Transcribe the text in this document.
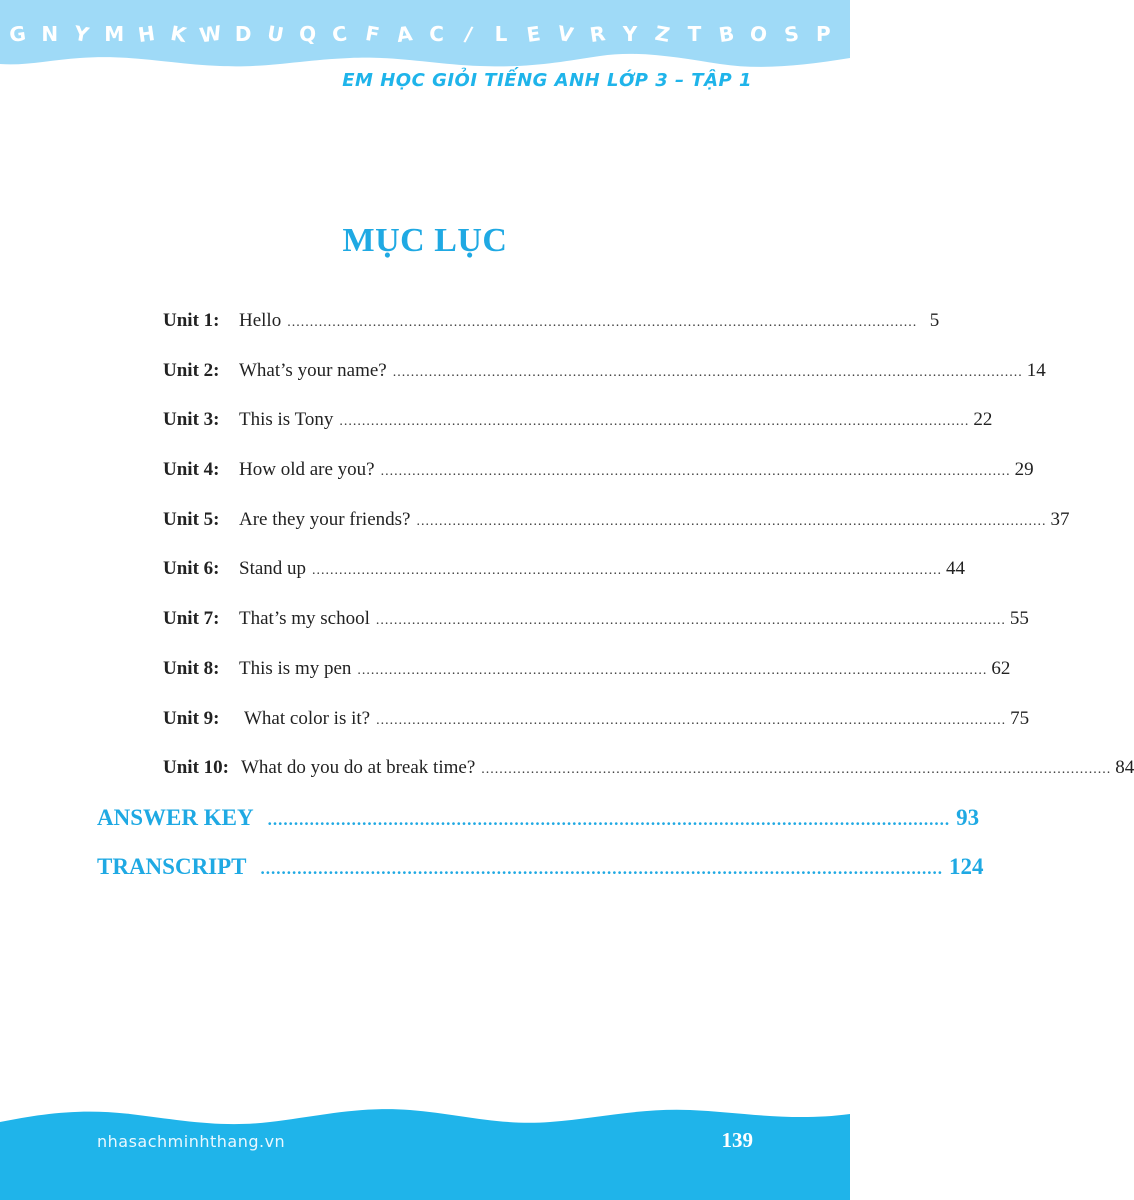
G N Y M H K W D U Q C F A C / L E V R Y Z T B O S P
EM HỌC GIỎI TIẾNG ANH LỚP 3 – TẬP 1
MỤC LỤC
Unit 1:	Hello ............................................................................................................................................ 5
Unit 2:	What’s your name? ............................................................................................................................................ 14
Unit 3:	This is Tony ............................................................................................................................................ 22
Unit 4:	How old are you? ............................................................................................................................................ 29
Unit 5:	Are they your friends? ............................................................................................................................................ 37
Unit 6:	Stand up ............................................................................................................................................ 44
Unit 7:	That’s my school ............................................................................................................................................ 55
Unit 8:	This is my pen ............................................................................................................................................ 62
Unit 9:	What color is it? ............................................................................................................................................ 75
Unit 10: What do you do at break time? ............................................................................................................................................ 84
ANSWER KEY .................................................................................................................................. 93
TRANSCRIPT .................................................................................................................................. 124
nhasachminhthang.vn	139
